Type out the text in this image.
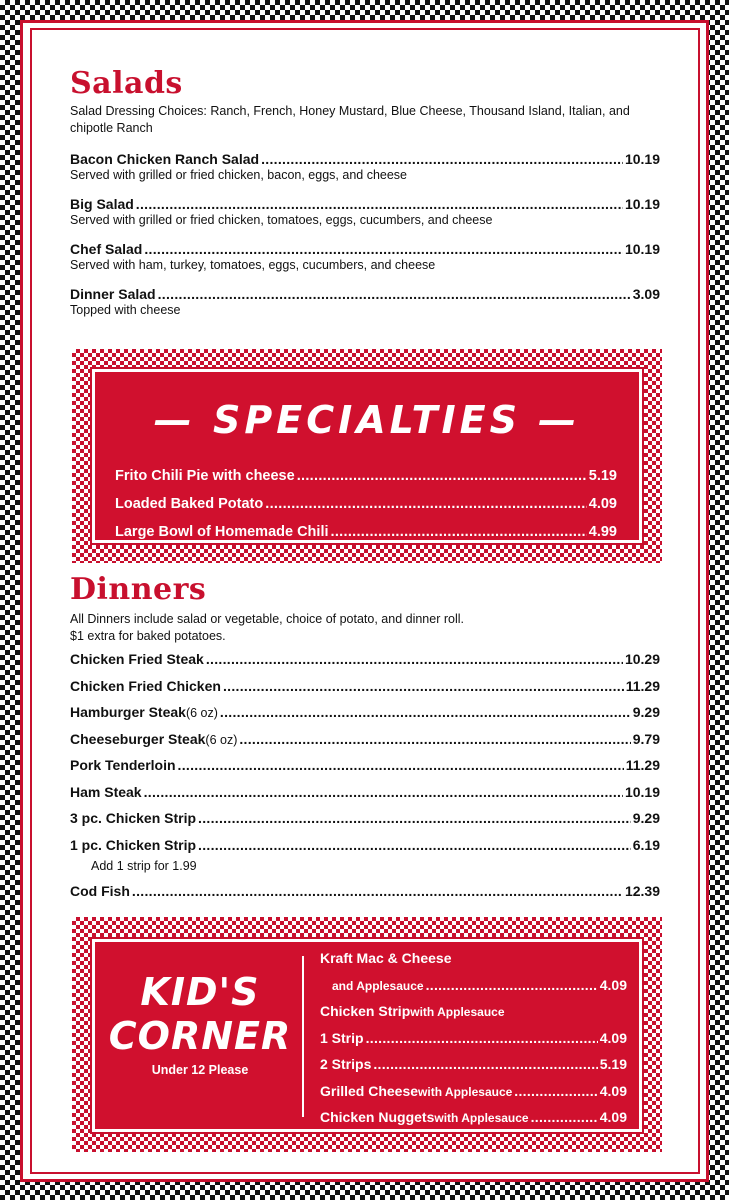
Salads
Salad Dressing Choices: Ranch, French, Honey Mustard, Blue Cheese, Thousand Island, Italian, and chipotle Ranch
Bacon Chicken Ranch Salad .....	10.19
Served with grilled or fried chicken, bacon, eggs, and cheese
Big Salad .....	10.19
Served with grilled or fried chicken, tomatoes, eggs, cucumbers, and cheese
Chef Salad .....	10.19
Served with ham, turkey, tomatoes, eggs, cucumbers, and cheese
Dinner Salad .....	3.09
Topped with cheese
— SPECIALTIES —
Frito Chili Pie with cheese .....	5.19
Loaded Baked Potato .....	4.09
Large Bowl of Homemade Chili .....	4.99
Dinners
All Dinners include salad or vegetable, choice of potato, and dinner roll.
$1 extra for baked potatoes.
Chicken Fried Steak .....	10.29
Chicken Fried Chicken .....	11.29
Hamburger Steak (6 oz) .....	9.29
Cheeseburger Steak (6 oz) .....	9.79
Pork Tenderloin .....	11.29
Ham Steak .....	10.19
3 pc. Chicken Strip .....	9.29
1 pc. Chicken Strip .....	6.19
Add 1 strip for 1.99
Cod Fish .....	12.39
KID'S
CORNER
Under 12 Please
Kraft Mac & Cheese
and Applesauce .....	4.09
Chicken Strip with Applesauce
1 Strip .....	4.09
2 Strips .....	5.19
Grilled Cheese with Applesauce .....	4.09
Chicken Nuggets with Applesauce .....	4.09
